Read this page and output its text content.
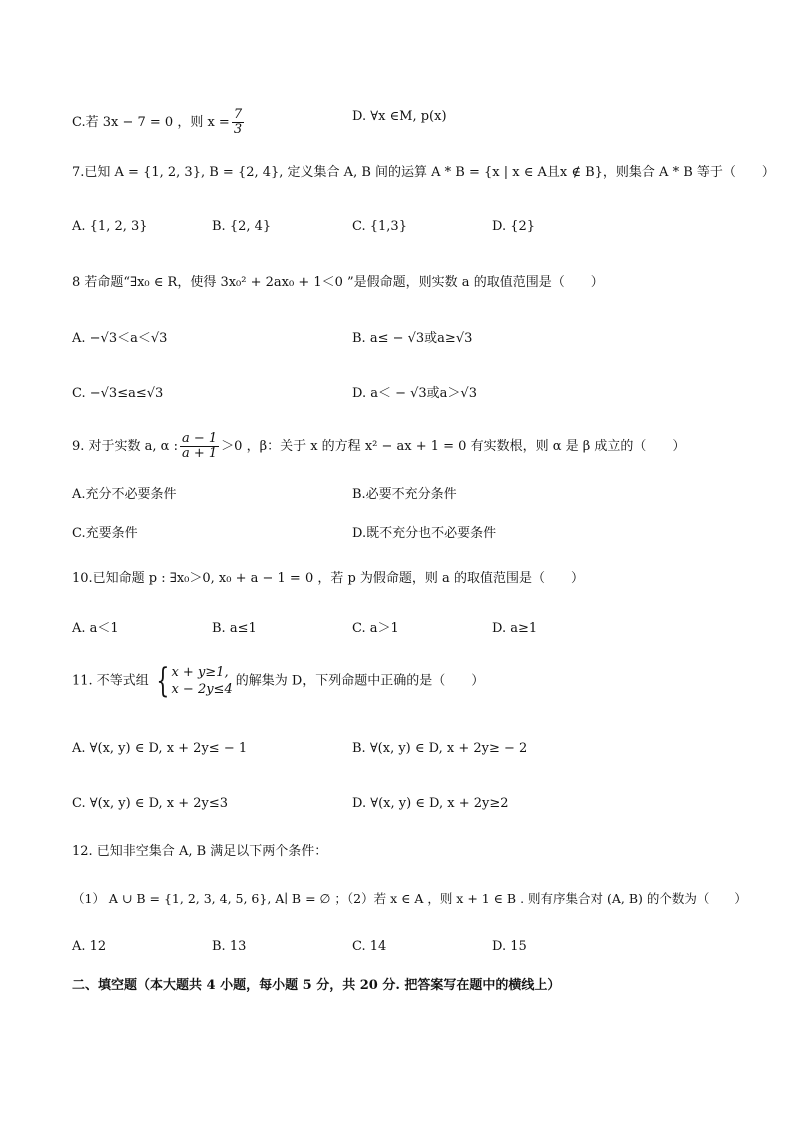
C.若 3x − 7 = 0 ，则 $x = \frac{7}{3}$	D. ∀x ∈M, p(x)
7.已知 A = {1, 2, 3}, B = {2, 4}, 定义集合 A, B 间的运算 A * B = {x | x ∈ A且x ∉ B}，则集合 A * B 等于（　　）
A. {1, 2, 3}	B. {2, 4}	C. {1,3}	D. {2}
8 若命题“∃x₀ ∈ R，使得 3x₀² + 2ax₀ + 1＜0 ”是假命题，则实数 a 的取值范围是（　　）
A. −√3＜a＜√3	B. a≤ − √3或a≥√3
C. −√3≤a≤√3	D. a＜ − √3或a＞√3
9. 对于实数 a, α : $\frac{a - 1}{a + 1} >0$ ，β：关于 x 的方程 x² − ax + 1 = 0 有实数根，则 α 是 β 成立的（　　）
A.充分不必要条件	B.必要不充分条件
C.充要条件	D.既不充分也不必要条件
10.已知命题 p : ∃x₀＞0, x₀ + a − 1 = 0 ，若 p 为假命题，则 a 的取值范围是（　　）
A. a＜1	B. a≤1	C. a＞1	D. a≥1
11. 不等式组 { x + y≥1,
x − 2y≤4
的解集为 D，下列命题中正确的是（　　）
A. ∀(x, y) ∈ D, x + 2y≤ − 1	B. ∀(x, y) ∈ D, x + 2y≥ − 2
C. ∀(x, y) ∈ D, x + 2y≤3	D. ∀(x, y) ∈ D, x + 2y≥2
12. 已知非空集合 A, B 满足以下两个条件：
（1） A ∪ B = {1, 2, 3, 4, 5, 6}, A∣ B = ∅ ；（2）若 x ∈ A ，则 x + 1 ∈ B . 则有序集合对 (A, B) 的个数为（　　）
A. 12	B. 13	C. 14	D. 15
二、填空题（本大题共 4 小题，每小题 5 分，共 20 分. 把答案写在题中的横线上）
